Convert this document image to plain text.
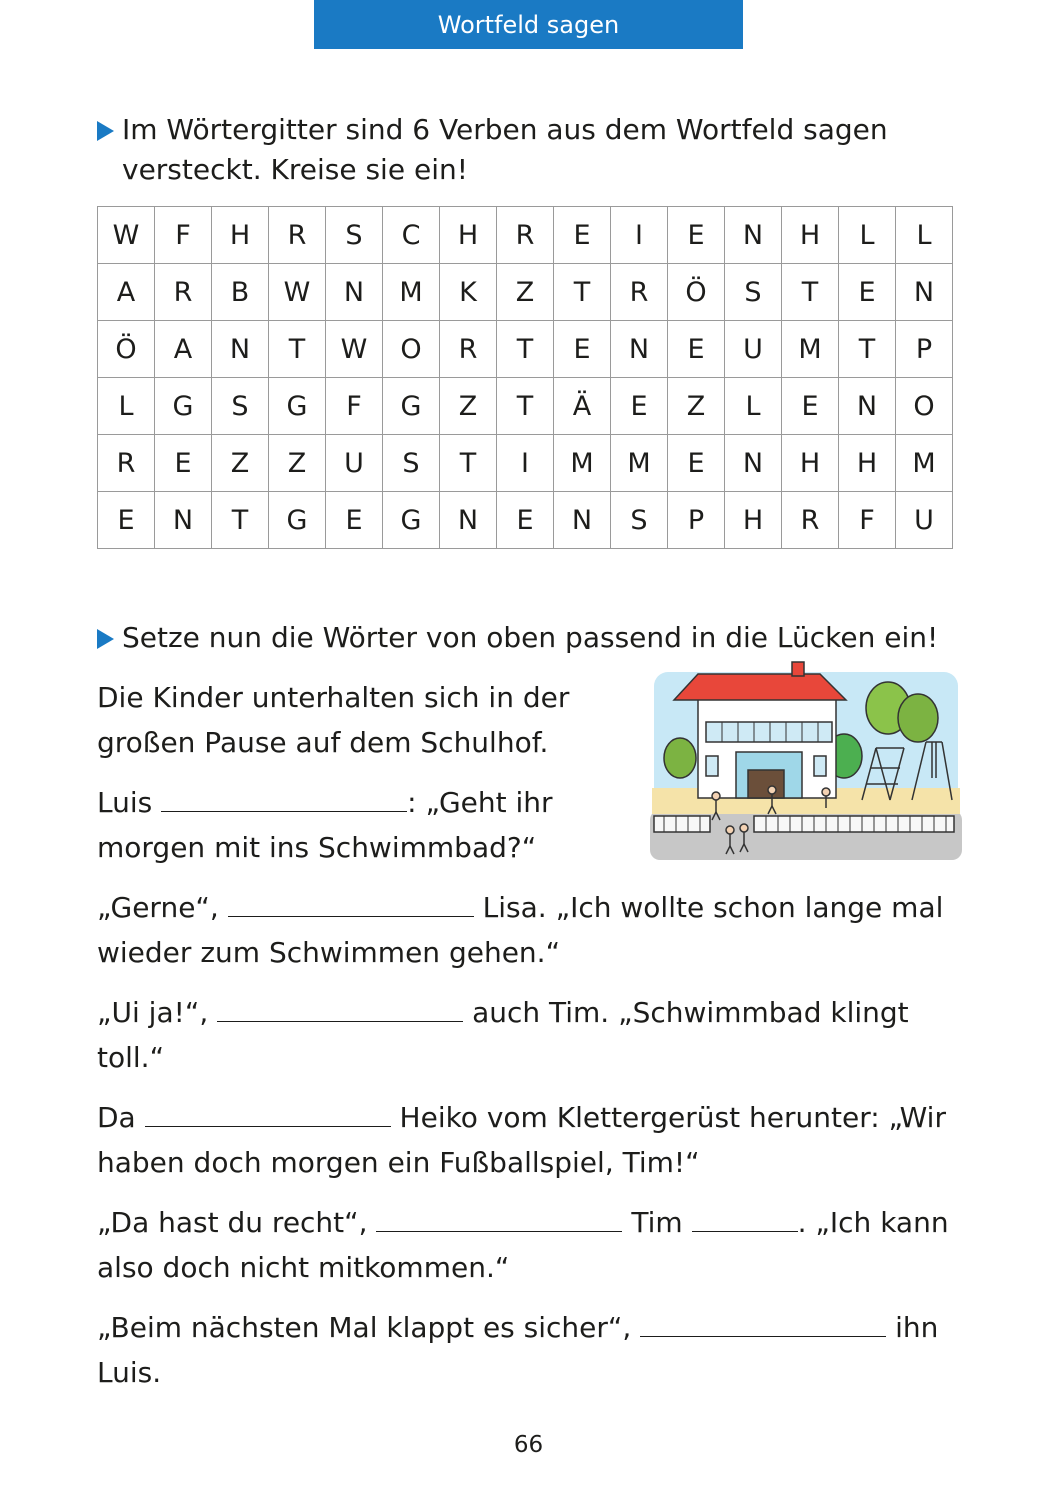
Wortfeld sagen
Im Wörtergitter sind 6 Verben aus dem Wortfeld sagen versteckt. Kreise sie ein!
W	F	H	R	S	C	H	R	E	I	E	N	H	L	L
A	R	B	W	N	M	K	Z	T	R	Ö	S	T	E	N
Ö	A	N	T	W	O	R	T	E	N	E	U	M	T	P
L	G	S	G	F	G	Z	T	Ä	E	Z	L	E	N	O
R	E	Z	Z	U	S	T	I	M	M	E	N	H	H	M
E	N	T	G	E	G	N	E	N	S	P	H	R	F	U
Setze nun die Wörter von oben passend in die Lücken ein!
Die Kinder unterhalten sich in der großen Pause auf dem Schulhof.
Luis	: „Geht ihr morgen mit ins Schwimmbad?“
„Gerne“,	Lisa. „Ich wollte schon lange mal wieder zum Schwimmen gehen.“
„Ui ja!“,	auch Tim. „Schwimmbad klingt toll.“
Da	Heiko vom Klettergerüst herunter: „Wir haben doch morgen ein Fußballspiel, Tim!“
„Da hast du recht“,	Tim	. „Ich kann also doch nicht mitkommen.“
„Beim nächsten Mal klappt es sicher“,	ihn Luis.
66
